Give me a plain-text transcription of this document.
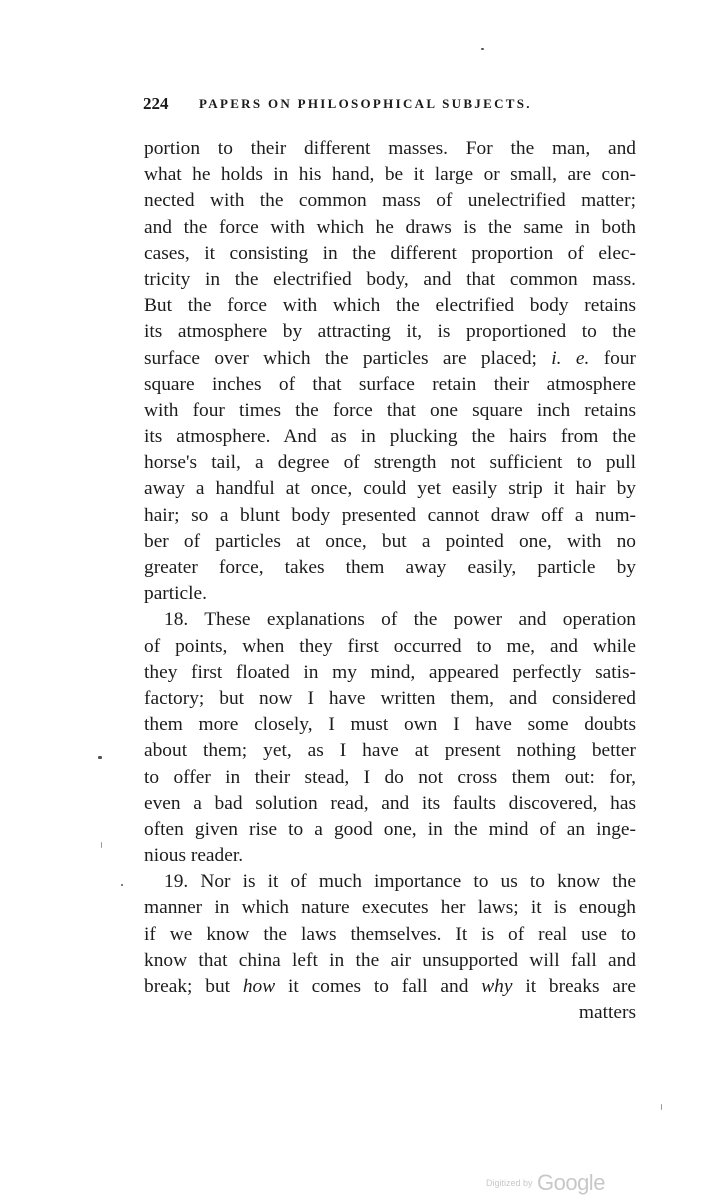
224 PAPERS ON PHILOSOPHICAL SUBJECTS.
portion to their different masses. For the man, and
what he holds in his hand, be it large or small, are con-
nected with the common mass of unelectrified matter;
and the force with which he draws is the same in both
cases, it consisting in the different proportion of elec-
tricity in the electrified body, and that common mass.
But the force with which the electrified body retains
its atmosphere by attracting it, is proportioned to the
surface over which the particles are placed; i. e. four
square inches of that surface retain their atmosphere
with four times the force that one square inch retains
its atmosphere. And as in plucking the hairs from the
horse's tail, a degree of strength not sufficient to pull
away a handful at once, could yet easily strip it hair by
hair; so a blunt body presented cannot draw off a num-
ber of particles at once, but a pointed one, with no
greater force, takes them away easily, particle by
particle.
18. These explanations of the power and operation
of points, when they first occurred to me, and while
they first floated in my mind, appeared perfectly satis-
factory; but now I have written them, and considered
them more closely, I must own I have some doubts
about them; yet, as I have at present nothing better
to offer in their stead, I do not cross them out: for,
even a bad solution read, and its faults discovered, has
often given rise to a good one, in the mind of an inge-
nious reader.
19. Nor is it of much importance to us to know the
manner in which nature executes her laws; it is enough
if we know the laws themselves. It is of real use to
know that china left in the air unsupported will fall and
break; but how it comes to fall and why it breaks are
matters
Digitized by Google
